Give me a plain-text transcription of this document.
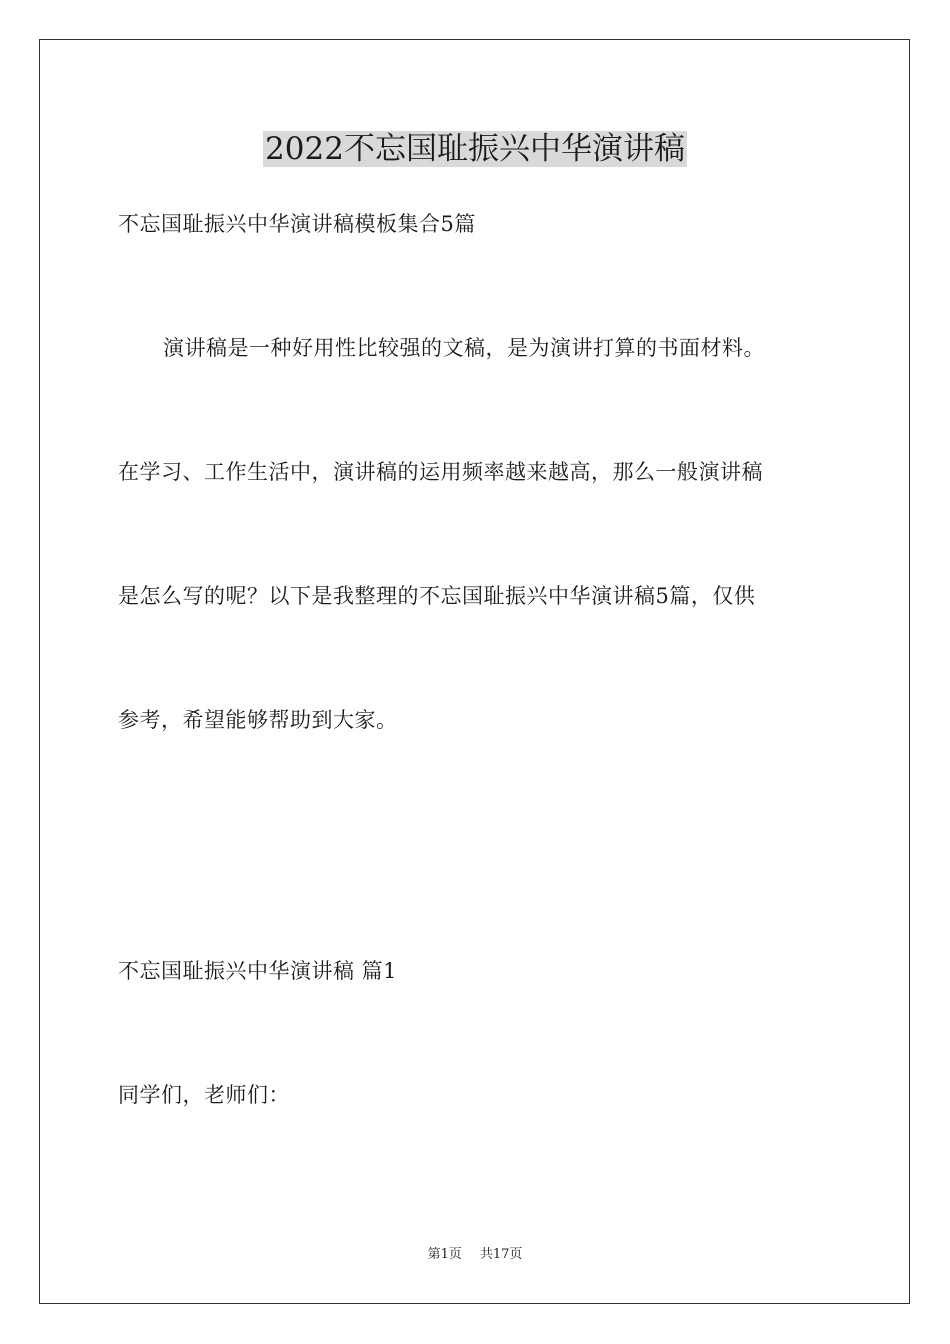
2022不忘国耻振兴中华演讲稿
不忘国耻振兴中华演讲稿模板集合5篇
演讲稿是一种好用性比较强的文稿，是为演讲打算的书面材料。
在学习、工作生活中，演讲稿的运用频率越来越高，那么一般演讲稿
是怎么写的呢？以下是我整理的不忘国耻振兴中华演讲稿5篇，仅供
参考，希望能够帮助到大家。
不忘国耻振兴中华演讲稿 篇1
同学们，老师们：
第1页 共17页
